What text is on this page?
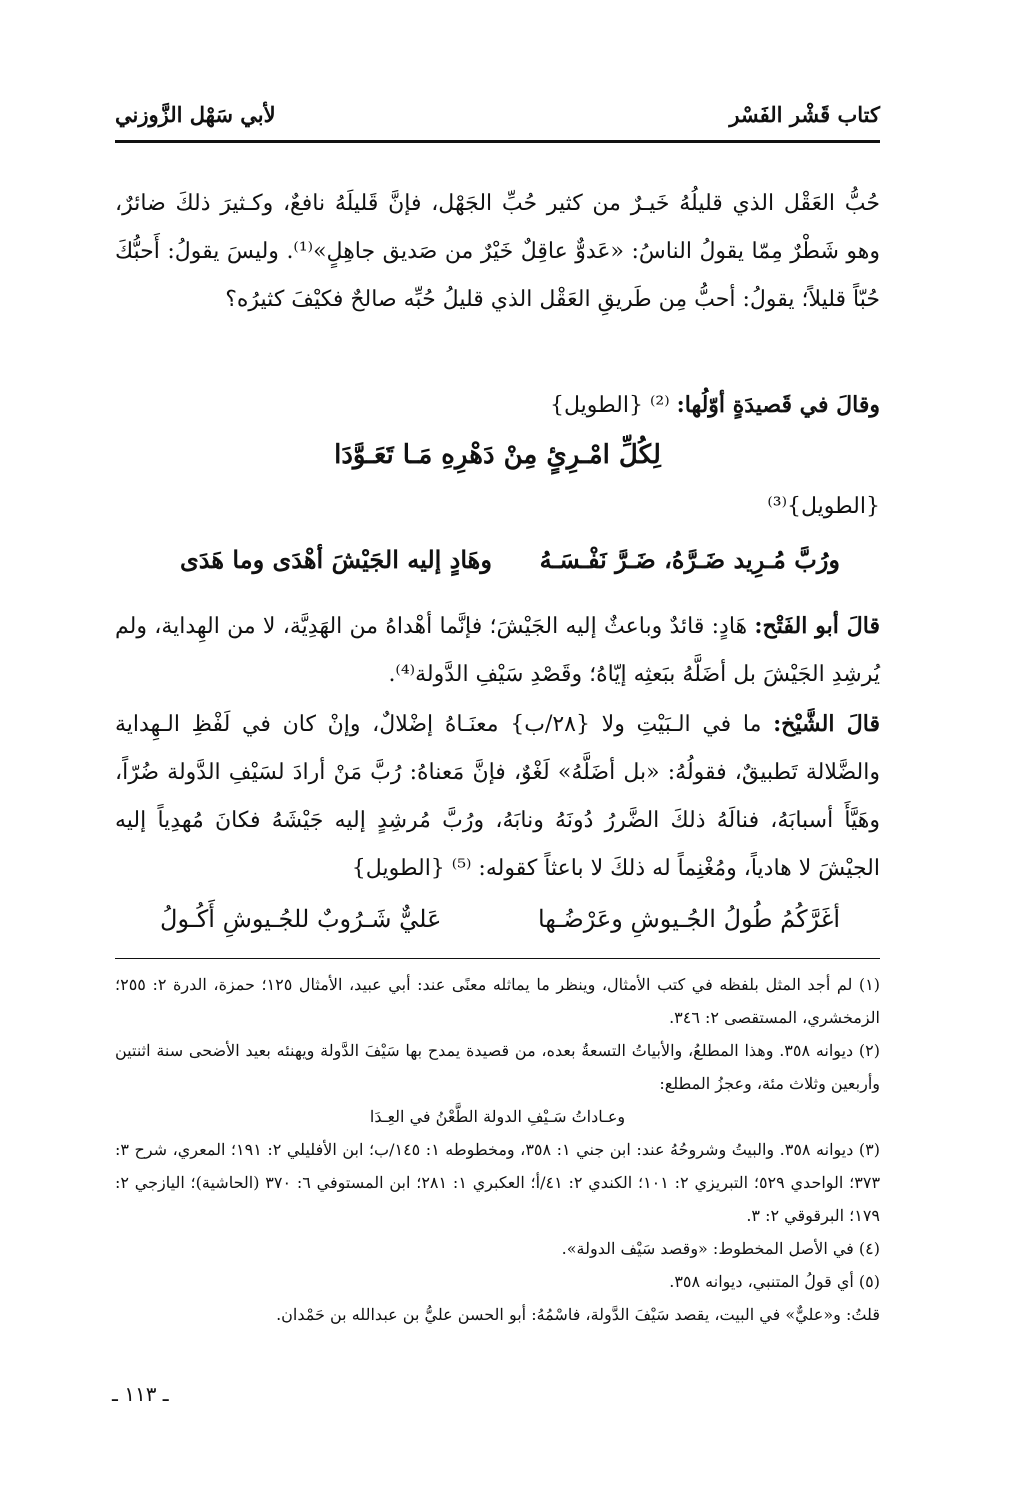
كتاب قَشْر الفَسْر
لأبي سَهْل الزَّوزني
حُبُّ العَقْل الذي قليلُهُ خَيـرٌ من كثير حُبِّ الجَهْل، فإنَّ قَليلَهُ نافعٌ، وكـثيرَ ذلكَ ضائرٌ، وهو شَطْرٌ مِمّا يقولُ الناسُ: «عَدوٌّ عاقِلٌ خَيْرٌ من صَديق جاهِلٍ»⁽¹⁾. وليسَ يقولُ: أَحبُّكَ حُبّاً قليلاً؛ يقولُ: أحبُّ مِن طَريقِ العَقْل الذي قليلُ حُبِّه صالحٌ فكيْفَ كثيرُه؟
وقالَ في قَصيدَةٍ أوّلُها: ⁽²⁾ {الطويل}
لِكُلِّ امْـرِئٍ مِنْ دَهْرِهِ مَـا تَعَـوَّدَا
{الطويل}⁽³⁾
ورُبَّ مُـرِيد ضَـرَّهُ، ضَـرَّ نَفْـسَـهُ
وهَادٍ إليه الجَيْشَ أهْدَى وما هَدَى
قالَ أبو الفَتْح: هَادٍ: قائدٌ وباعثٌ إليه الجَيْشَ؛ فإنَّما أهْداهُ من الهَدِيَّة، لا من الهِداية، ولم يُرشِدِ الجَيْشَ بل أضَلَّهُ ببَعثِه إيّاهُ؛ وقَصْدِ سَيْفِ الدَّولة⁽⁴⁾.
قالَ الشَّيْخ: ما في الـبَيْتِ ولا {٢٨/ب} معنَـاهُ إضْلالٌ، وإنْ كان في لَفْظِ الـهِداية والضَّلالة تَطبيقٌ، فقولُهُ: «بل أضَلَّهُ» لَغْوٌ، فإنَّ مَعناهُ: رُبَّ مَنْ أرادَ لسَيْفِ الدَّولة ضُرّاً، وهَيَّأَ أسبابَهُ، فنالَهُ ذلكَ الضَّررُ دُونَهُ ونابَهُ، ورُبَّ مُرشِدٍ إليه جَيْشَهُ فكانَ مُهدِياً إليه الجيْشَ لا هادياً، ومُغْنِماً له ذلكَ لا باعثاً كقوله: ⁽⁵⁾ {الطويل}
أغَرَّكُمُ طُولُ الجُـيوشِ وعَرْضُـها
عَليٌّ شَـرُوبٌ للجُـيوشِ أَكُـولُ

(١) لم أجد المثل بلفظه في كتب الأمثال، وينظر ما يماثله معنًى عند: أبي عبيد، الأمثال ١٢٥؛ حمزة، الدرة ٢: ٢٥٥؛ الزمخشري، المستقصى ٢: ٣٤٦.

(٢) ديوانه ٣٥٨. وهذا المطلعُ، والأبياتُ التسعةُ بعده، من قصيدة يمدح بها سَيْفَ الدَّولة ويهنئه بعيد الأضحى سنة اثنتين وأربعين وثلاث مئة، وعجزُ المطلع:

وعـاداتُ سَـيْفِ الدولة الطَّعْنُ في العِـدَا

(٣) ديوانه ٣٥٨. والبيتُ وشروحُهُ عند: ابن جني ١: ٣٥٨، ومخطوطه ١: ١٤٥/ب؛ ابن الأفليلي ٢: ١٩١؛ المعري، شرح ٣: ٣٧٣؛ الواحدي ٥٢٩؛ التبريزي ٢: ١٠١؛ الكندي ٢: ٤١/أ؛ العكبري ١: ٢٨١؛ ابن المستوفي ٦: ٣٧٠ (الحاشية)؛ اليازجي ٢: ١٧٩؛ البرقوقي ٢: ٣.

(٤) في الأصل المخطوط: «وقصد سَيْف الدولة».

(٥) أي قولُ المتنبي، ديوانه ٣٥٨.

قلتُ: و«عليٌّ» في البيت، يقصد سَيْفَ الدَّولة، فاسْمُهُ: أبو الحسن عليُّ بن عبدالله بن حَمْدان.

ـ ١١٣ ـ
